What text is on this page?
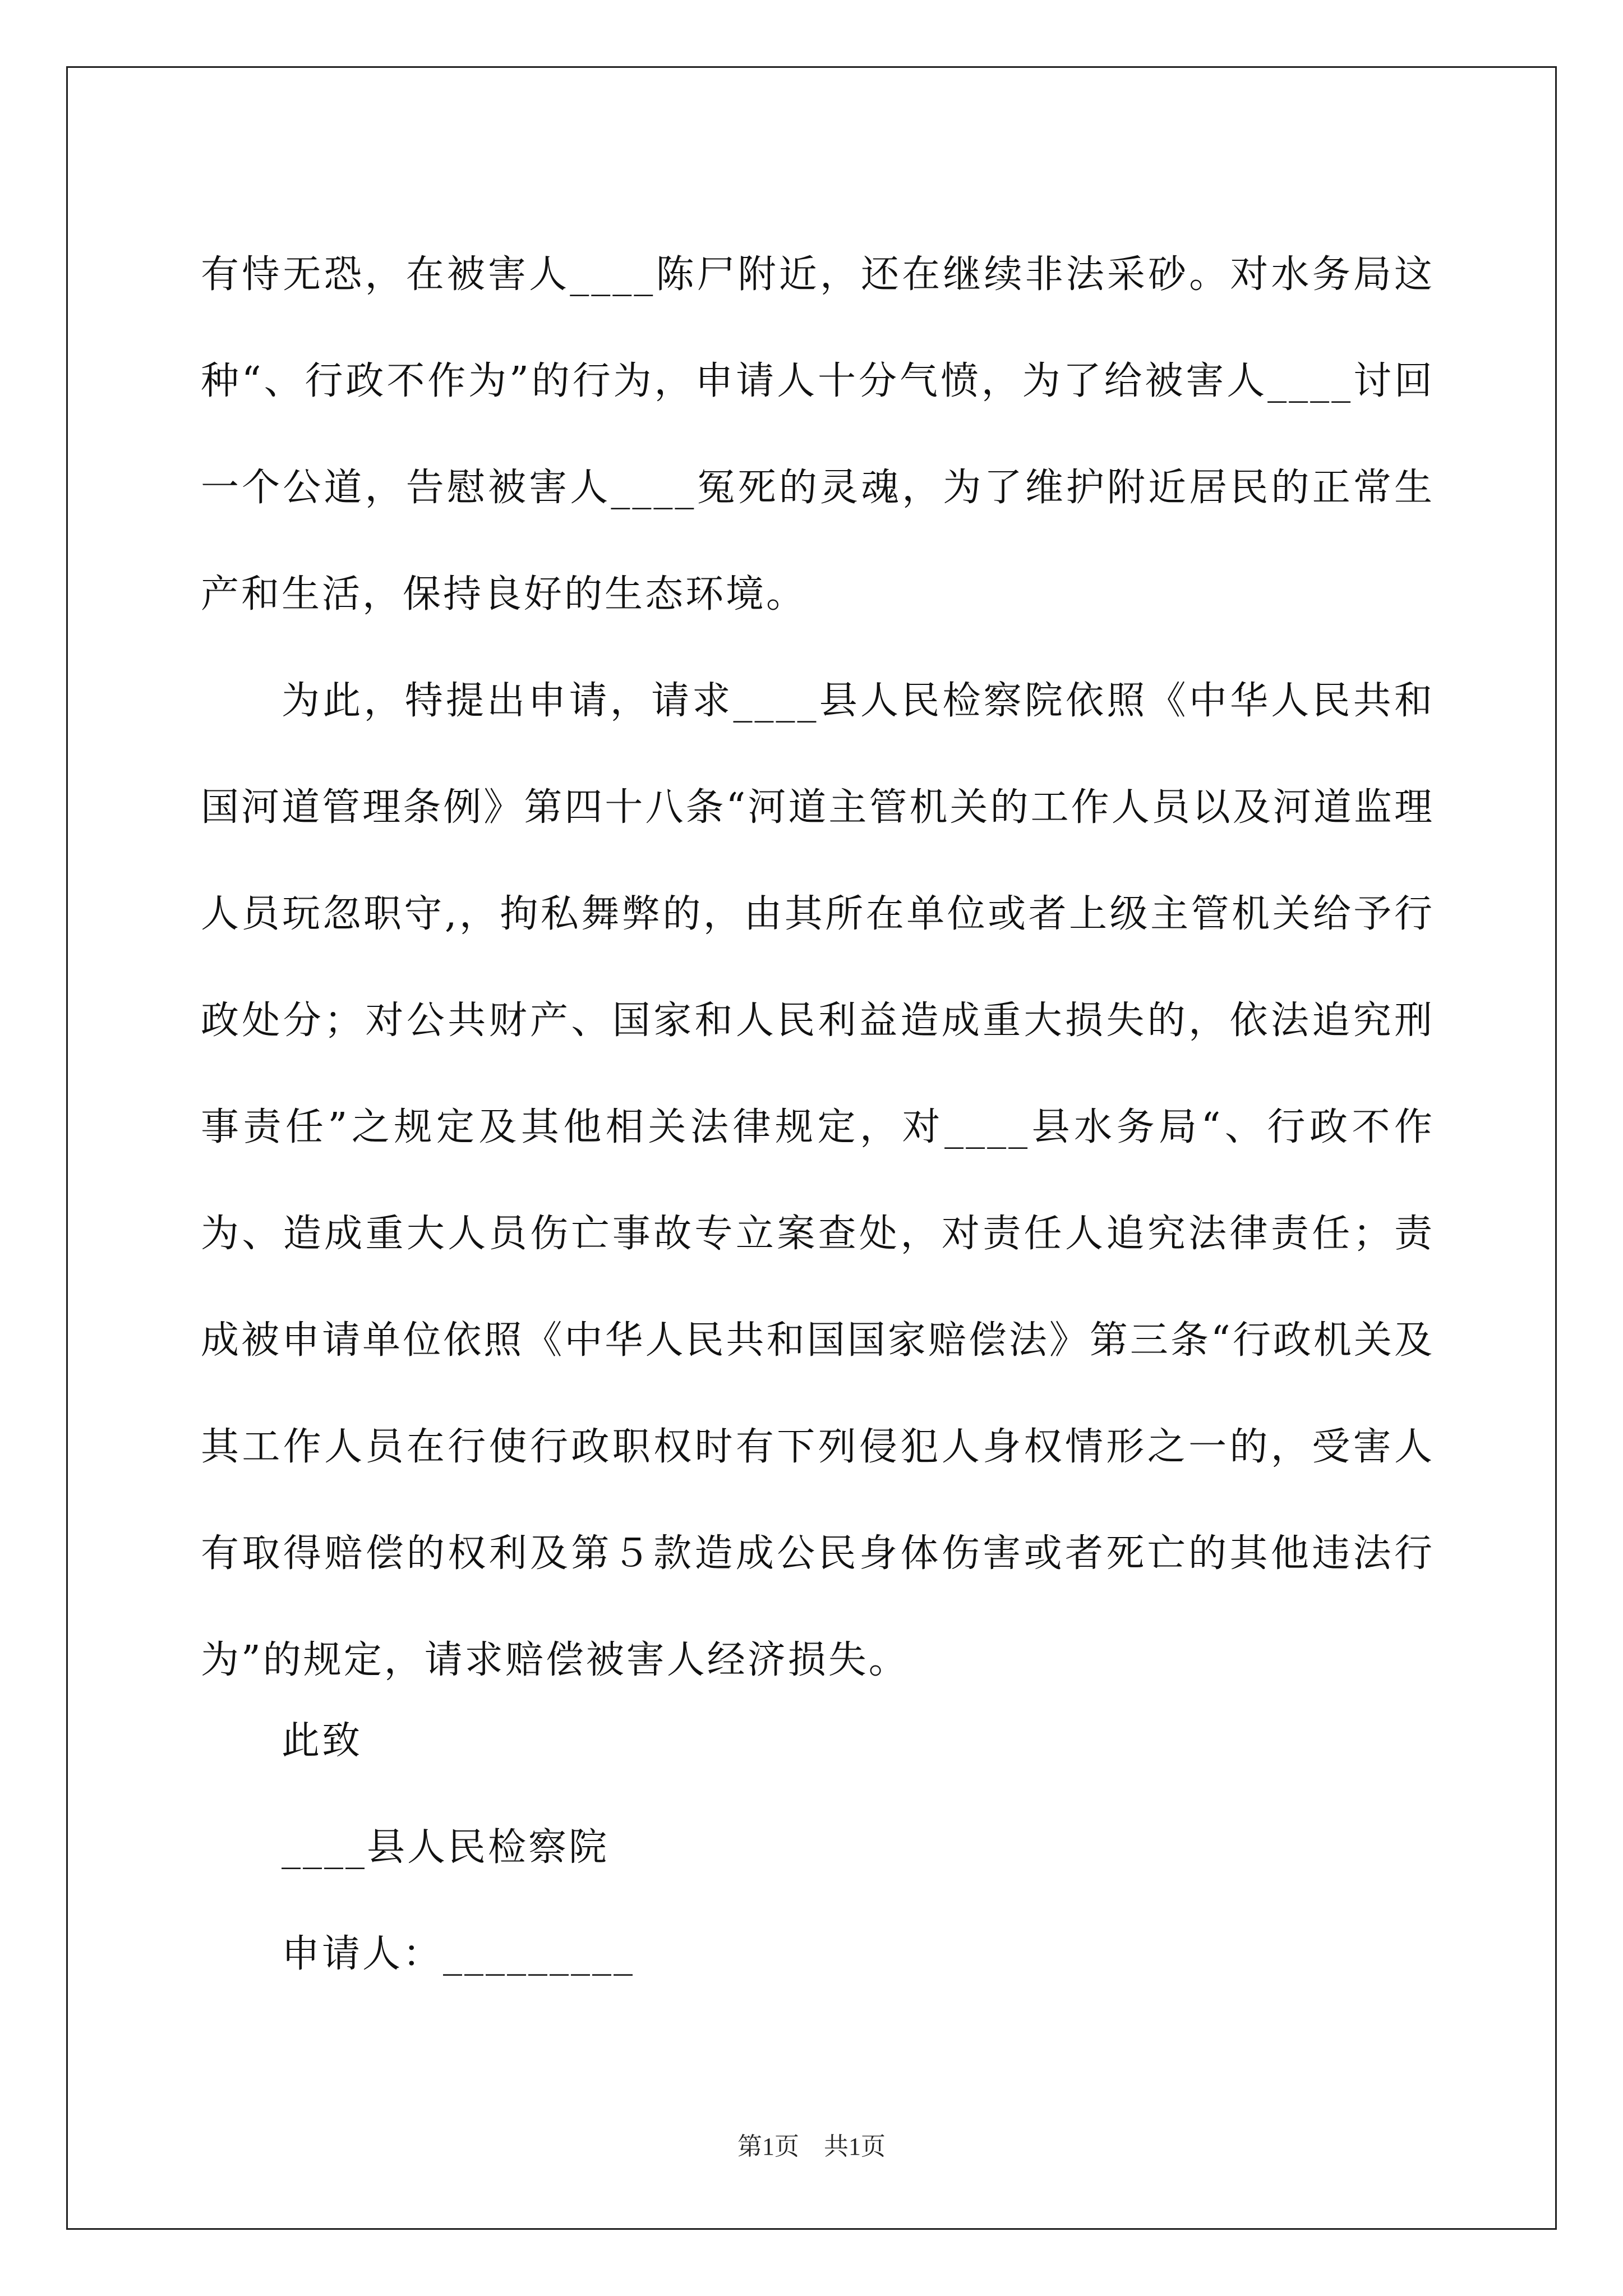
有恃无恐，在被害人____陈尸附近，还在继续非法采砂。对水务局这种“、行政不作为”的行为，申请人十分气愤，为了给被害人____讨回一个公道，告慰被害人____冤死的灵魂，为了维护附近居民的正常生产和生活，保持良好的生态环境。

为此，特提出申请，请求____县人民检察院依照《中华人民共和国河道管理条例》第四十八条“河道主管机关的工作人员以及河道监理人员玩忽职守,，拘私舞弊的，由其所在单位或者上级主管机关给予行政处分；对公共财产、国家和人民利益造成重大损失的，依法追究刑事责任”之规定及其他相关法律规定，对____县水务局“、行政不作为、造成重大人员伤亡事故专立案查处，对责任人追究法律责任；责成被申请单位依照《中华人民共和国国家赔偿法》第三条“行政机关及其工作人员在行使行政职权时有下列侵犯人身权情形之一的，受害人有取得赔偿的权利及第５款造成公民身体伤害或者死亡的其他违法行为”的规定，请求赔偿被害人经济损失。

此致
____县人民检察院
申请人：_________
第1页　共1页
